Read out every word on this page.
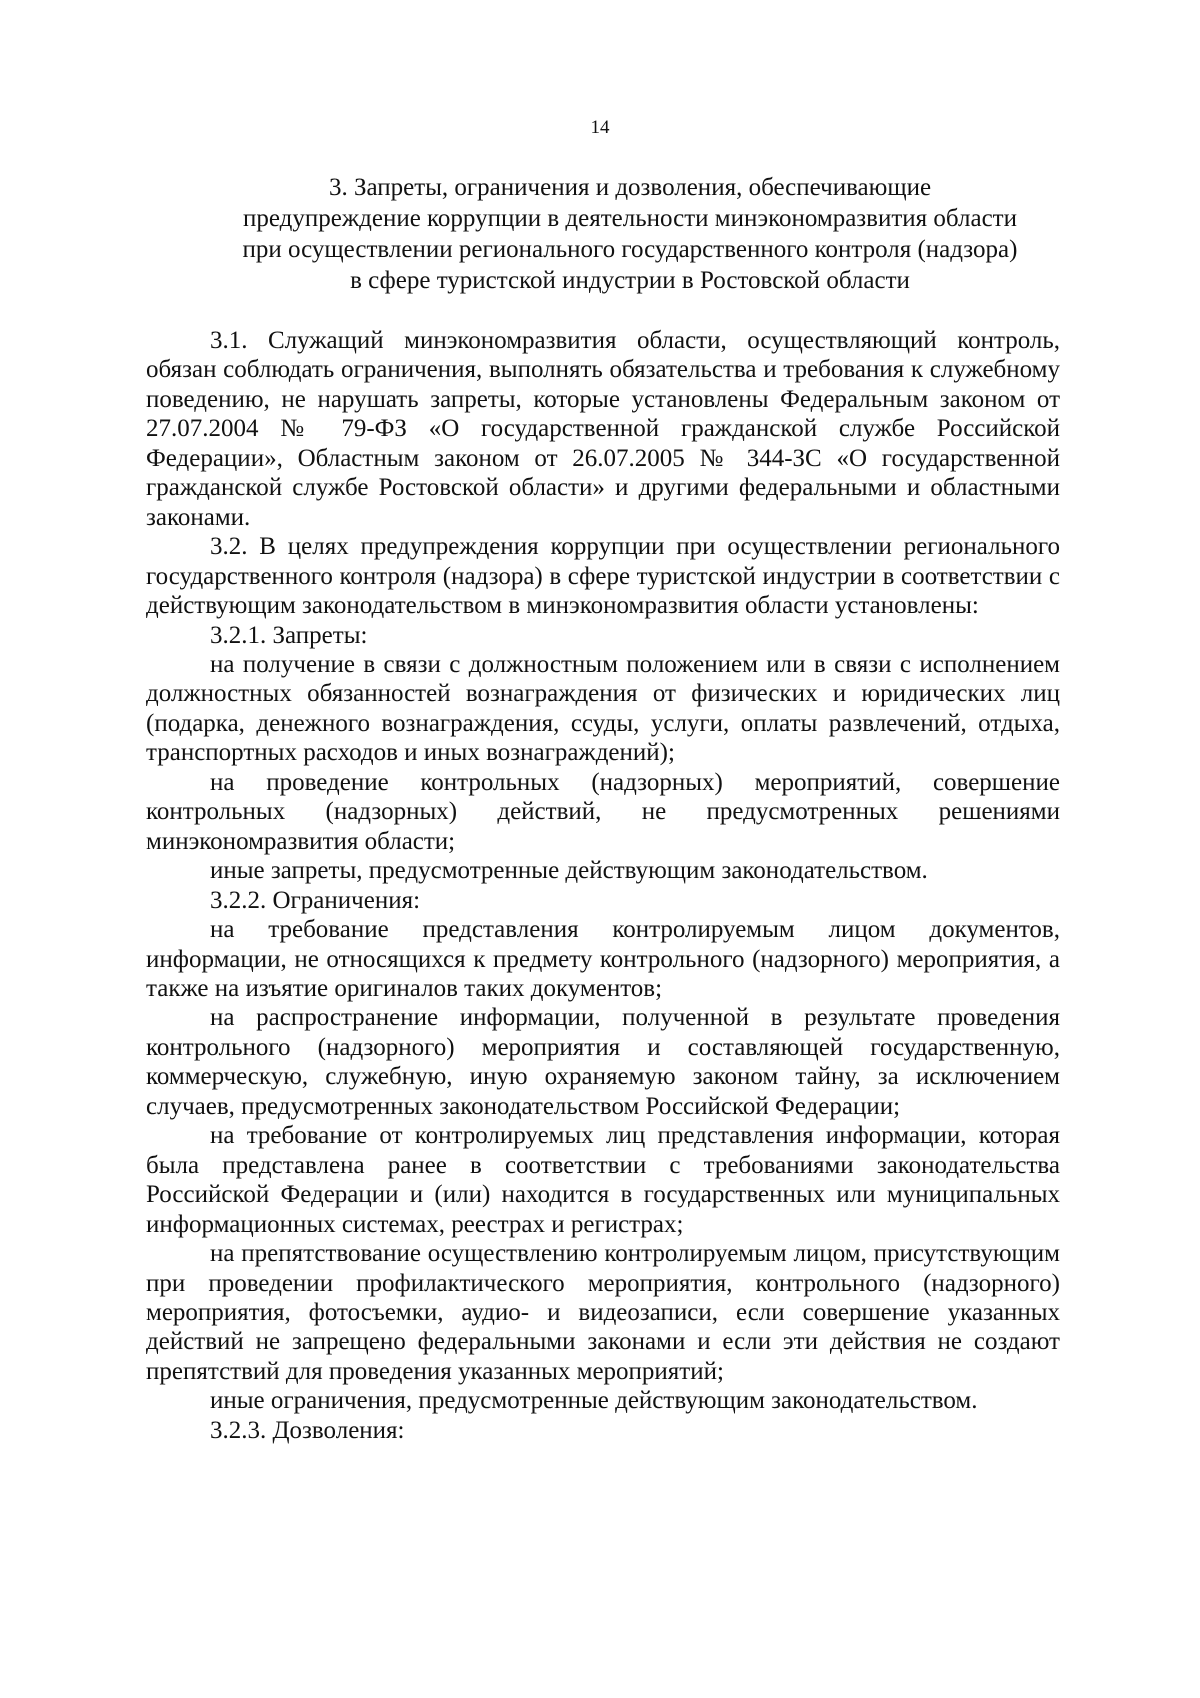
14
3. Запреты, ограничения и дозволения, обеспечивающие
предупреждение коррупции в деятельности минэкономразвития области
при осуществлении регионального государственного контроля (надзора)
в сфере туристской индустрии в Ростовской области

3.1. Служащий минэкономразвития области, осуществляющий контроль, обязан соблюдать ограничения, выполнять обязательства и требования к служебному поведению, не нарушать запреты, которые установлены Федеральным законом от 27.07.2004 № 79-ФЗ «О государственной гражданской службе Российской Федерации», Областным законом от 26.07.2005 № 344-ЗС «О государственной гражданской службе Ростовской области» и другими федеральными и областными законами.

3.2. В целях предупреждения коррупции при осуществлении регионального государственного контроля (надзора) в сфере туристской индустрии в соответствии с действующим законодательством в минэкономразвития области установлены:

3.2.1. Запреты:

на получение в связи с должностным положением или в связи с исполнением должностных обязанностей вознаграждения от физических и юридических лиц (подарка, денежного вознаграждения, ссуды, услуги, оплаты развлечений, отдыха, транспортных расходов и иных вознаграждений);

на проведение контрольных (надзорных) мероприятий, совершение контрольных (надзорных) действий, не предусмотренных решениями минэкономразвития области;

иные запреты, предусмотренные действующим законодательством.

3.2.2. Ограничения:

на требование представления контролируемым лицом документов, информации, не относящихся к предмету контрольного (надзорного) мероприятия, а также на изъятие оригиналов таких документов;

на распространение информации, полученной в результате проведения контрольного (надзорного) мероприятия и составляющей государственную, коммерческую, служебную, иную охраняемую законом тайну, за исключением случаев, предусмотренных законодательством Российской Федерации;

на требование от контролируемых лиц представления информации, которая была представлена ранее в соответствии с требованиями законодательства Российской Федерации и (или) находится в государственных или муниципальных информационных системах, реестрах и регистрах;

на препятствование осуществлению контролируемым лицом, присутствующим при проведении профилактического мероприятия, контрольного (надзорного) мероприятия, фотосъемки, аудио- и видеозаписи, если совершение указанных действий не запрещено федеральными законами и если эти действия не создают препятствий для проведения указанных мероприятий;

иные ограничения, предусмотренные действующим законодательством.

3.2.3. Дозволения:
